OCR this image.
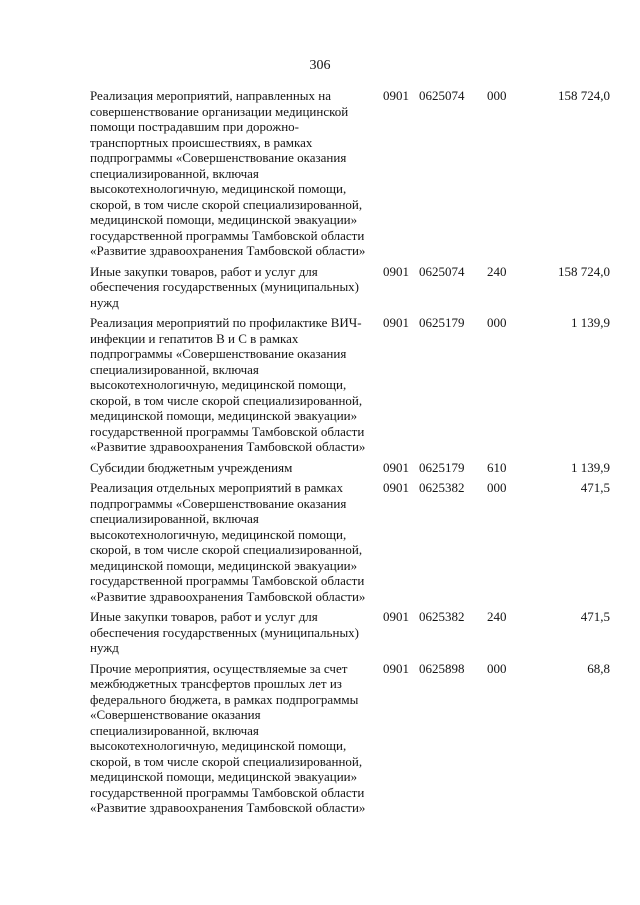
306
Реализация мероприятий, направленных на совершенствование организации медицинской помощи пострадавшим при дорожно-транспортных происшествиях, в рамках подпрограммы «Совершенствование оказания специализированной, включая высокотехнологичную, медицинской помощи, скорой, в том числе скорой специализированной, медицинской помощи, медицинской эвакуации» государственной программы Тамбовской области «Развитие здравоохранения Тамбовской области»	0901	0625074	000	158 724,0
Иные закупки товаров, работ и услуг для обеспечения государственных (муниципальных) нужд	0901	0625074	240	158 724,0
Реализация мероприятий по профилактике ВИЧ-инфекции и гепатитов В и С в рамках подпрограммы «Совершенствование оказания специализированной, включая высокотехнологичную, медицинской помощи, скорой, в том числе скорой специализированной, медицинской помощи, медицинской эвакуации» государственной программы Тамбовской области «Развитие здравоохранения Тамбовской области»	0901	0625179	000	1 139,9
Субсидии бюджетным учреждениям	0901	0625179	610	1 139,9
Реализация отдельных мероприятий в рамках подпрограммы «Совершенствование оказания специализированной, включая высокотехнологичную, медицинской помощи, скорой, в том числе скорой специализированной, медицинской помощи, медицинской эвакуации» государственной программы Тамбовской области «Развитие здравоохранения Тамбовской области»	0901	0625382	000	471,5
Иные закупки товаров, работ и услуг для обеспечения государственных (муниципальных) нужд	0901	0625382	240	471,5
Прочие мероприятия, осуществляемые за счет межбюджетных трансфертов прошлых лет из федерального бюджета, в рамках подпрограммы «Совершенствование оказания специализированной, включая высокотехнологичную, медицинской помощи, скорой, в том числе скорой специализированной, медицинской помощи, медицинской эвакуации» государственной программы Тамбовской области «Развитие здравоохранения Тамбовской области»	0901	0625898	000	68,8
